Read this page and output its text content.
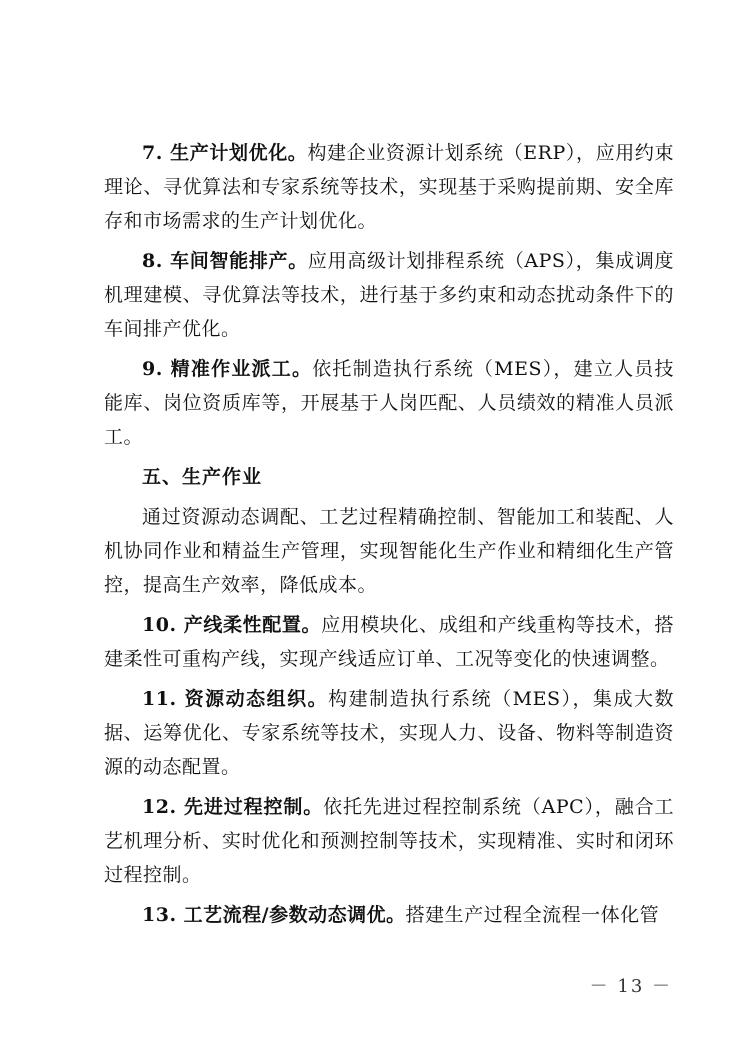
7. 生产计划优化。构建企业资源计划系统（ERP），应用约束理论、寻优算法和专家系统等技术，实现基于采购提前期、安全库存和市场需求的生产计划优化。

8. 车间智能排产。应用高级计划排程系统（APS），集成调度机理建模、寻优算法等技术，进行基于多约束和动态扰动条件下的车间排产优化。

9. 精准作业派工。依托制造执行系统（MES），建立人员技能库、岗位资质库等，开展基于人岗匹配、人员绩效的精准人员派工。

五、生产作业

通过资源动态调配、工艺过程精确控制、智能加工和装配、人机协同作业和精益生产管理，实现智能化生产作业和精细化生产管控，提高生产效率，降低成本。

10. 产线柔性配置。应用模块化、成组和产线重构等技术，搭建柔性可重构产线，实现产线适应订单、工况等变化的快速调整。

11. 资源动态组织。构建制造执行系统（MES），集成大数据、运筹优化、专家系统等技术，实现人力、设备、物料等制造资源的动态配置。

12. 先进过程控制。依托先进过程控制系统（APC），融合工艺机理分析、实时优化和预测控制等技术，实现精准、实时和闭环过程控制。

13. 工艺流程/参数动态调优。搭建生产过程全流程一体化管

－ 13 －
